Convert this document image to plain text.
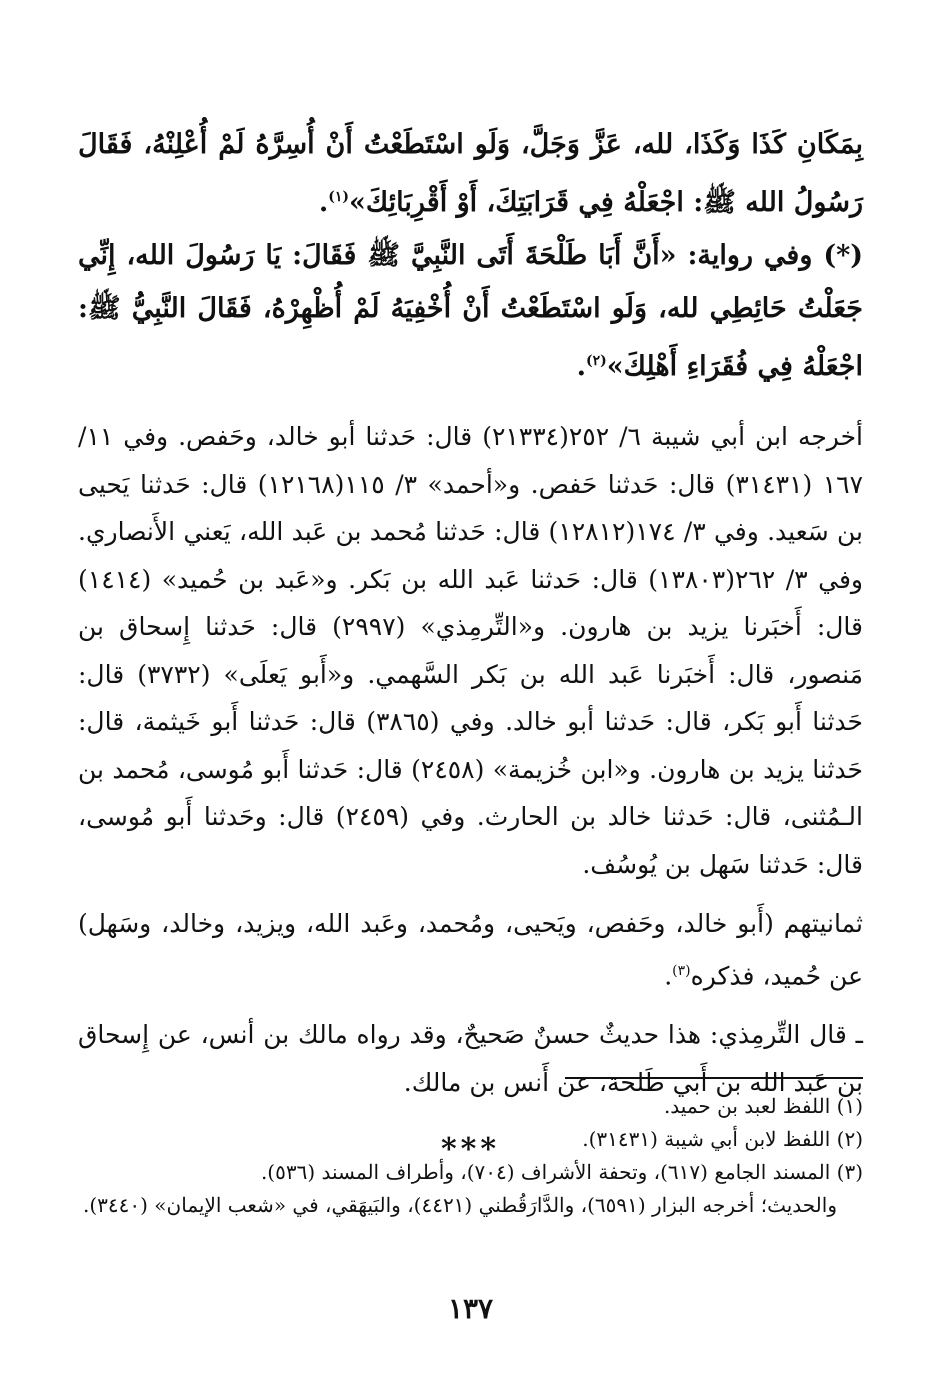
بِمَكَانِ كَذَا وَكَذَا، لله، عَزَّ وَجَلَّ، وَلَو اسْتَطَعْتُ أَنْ أُسِرَّهُ لَمْ أُعْلِنْهُ، فَقَالَ رَسُولُ الله ﷺ: اجْعَلْهُ فِي قَرَابَتِكَ، أَوْ أَقْرِبَائِكَ»$^{(١)}$.
(*) وفي رواية: «أَنَّ أَبَا طَلْحَةَ أَتَى النَّبِيَّ ﷺ فَقَالَ: يَا رَسُولَ الله، إِنِّي جَعَلْتُ حَائِطِي لله، وَلَو اسْتَطَعْتُ أَنْ أُخْفِيَهُ لَمْ أُظْهِرْهُ، فَقَالَ النَّبِيُّ ﷺ: اجْعَلْهُ فِي فُقَرَاءِ أَهْلِكَ»$^{(٢)}$.
أخرجه ابن أبي شيبة ٦/ ٢٥٢(٢١٣٣٤) قال: حَدثنا أبو خالد، وحَفص. وفي ١١/ ١٦٧ (٣١٤٣١) قال: حَدثنا حَفص. و«أحمد» ٣/ ١١٥(١٢١٦٨) قال: حَدثنا يَحيى بن سَعيد. وفي ٣/ ١٧٤(١٢٨١٢) قال: حَدثنا مُحمد بن عَبد الله، يَعني الأَنصاري. وفي ٣/ ٢٦٢(١٣٨٠٣) قال: حَدثنا عَبد الله بن بَكر. و«عَبد بن حُميد» (١٤١٤) قال: أَخبَرنا يزيد بن هارون. و«التِّرمِذي» (٢٩٩٧) قال: حَدثنا إِسحاق بن مَنصور، قال: أَخبَرنا عَبد الله بن بَكر السَّهمي. و«أَبو يَعلَى» (٣٧٣٢) قال: حَدثنا أَبو بَكر، قال: حَدثنا أبو خالد. وفي (٣٨٦٥) قال: حَدثنا أَبو خَيثمة، قال: حَدثنا يزيد بن هارون. و«ابن خُزيمة» (٢٤٥٨) قال: حَدثنا أَبو مُوسى، مُحمد بن الـمُثنى، قال: حَدثنا خالد بن الحارث. وفي (٢٤٥٩) قال: وحَدثنا أَبو مُوسى، قال: حَدثنا سَهل بن يُوسُف.
ثمانيتهم (أَبو خالد، وحَفص، ويَحيى، ومُحمد، وعَبد الله، ويزيد، وخالد، وسَهل) عن حُميد، فذكره$^{(٣)}$.
ـ قال التِّرمِذي: هذا حديثٌ حسنٌ صَحيحٌ، وقد رواه مالك بن أنس، عن إِسحاق بن عَبد الله بن أَبي طَلحة، عن أَنس بن مالك.
***
(١) اللفظ لعبد بن حميد.
(٢) اللفظ لابن أبي شيبة (٣١٤٣١).
(٣) المسند الجامع (٦١٧)، وتحفة الأشراف (٧٠٤)، وأطراف المسند (٥٣٦).
والحديث؛ أخرجه البزار (٦٥٩١)، والدَّارَقُطني (٤٤٢١)، والبَيهَقي، في «شعب الإيمان» (٣٤٤٠).
١٣٧
